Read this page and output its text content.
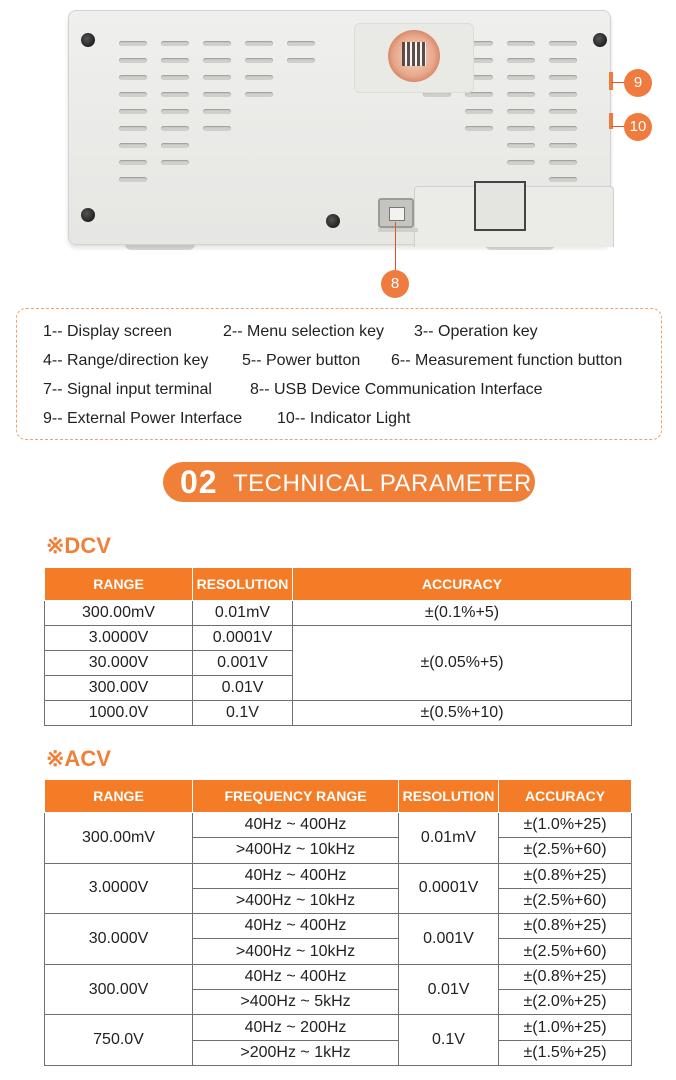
9
10
8
1-- Display screen	2-- Menu selection key 3-- Operation key
4-- Range/direction key 5-- Power button 6-- Measurement function button
7-- Signal input terminal 8-- USB Device Communication Interface
9-- External Power Interface 10-- Indicator Light
02 TECHNICAL PARAMETER
※DCV
RANGE	RESOLUTION	ACCURACY
300.00mV	0.01mV	±(0.1%+5)
3.0000V	0.0001V	±(0.05%+5)
30.000V	0.001V	
300.00V	0.01V	
1000.0V	0.1V	±(0.5%+10)
※ACV
RANGE	FREQUENCY RANGE	RESOLUTION	ACCURACY
300.00mV	40Hz ~ 400Hz	0.01mV	±(1.0%+25)
	>400Hz ~ 10kHz		±(2.5%+60)
3.0000V	40Hz ~ 400Hz	0.0001V	±(0.8%+25)
	>400Hz ~ 10kHz		±(2.5%+60)
30.000V	40Hz ~ 400Hz	0.001V	±(0.8%+25)
	>400Hz ~ 10kHz		±(2.5%+60)
300.00V	40Hz ~ 400Hz	0.01V	±(0.8%+25)
	>400Hz ~ 5kHz		±(2.0%+25)
750.0V	40Hz ~ 200Hz	0.1V	±(1.0%+25)
	>200Hz ~ 1kHz		±(1.5%+25)
